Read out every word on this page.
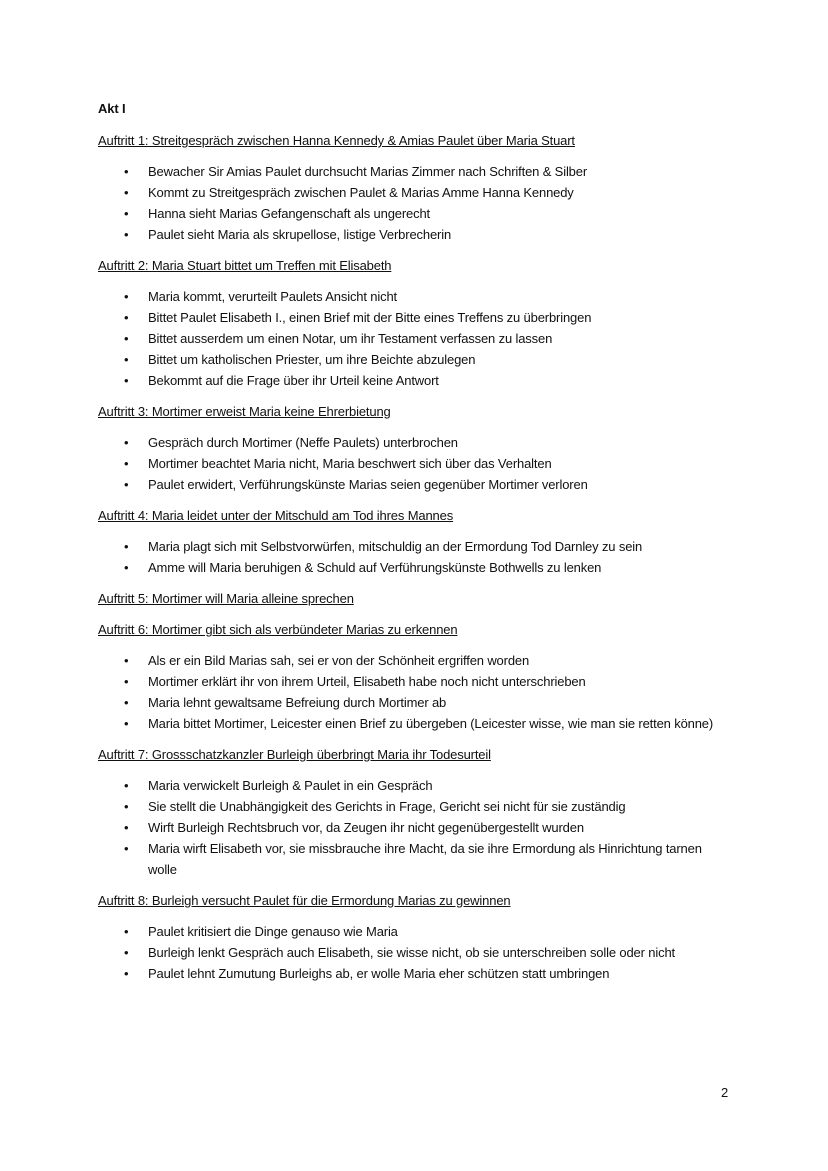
Akt I
Auftritt 1: Streitgespräch zwischen Hanna Kennedy & Amias Paulet über Maria Stuart
• Bewacher Sir Amias Paulet durchsucht Marias Zimmer nach Schriften & Silber
• Kommt zu Streitgespräch zwischen Paulet & Marias Amme Hanna Kennedy
• Hanna sieht Marias Gefangenschaft als ungerecht
• Paulet sieht Maria als skrupellose, listige Verbrecherin
Auftritt 2: Maria Stuart bittet um Treffen mit Elisabeth
• Maria kommt, verurteilt Paulets Ansicht nicht
• Bittet Paulet Elisabeth I., einen Brief mit der Bitte eines Treffens zu überbringen
• Bittet ausserdem um einen Notar, um ihr Testament verfassen zu lassen
• Bittet um katholischen Priester, um ihre Beichte abzulegen
• Bekommt auf die Frage über ihr Urteil keine Antwort
Auftritt 3: Mortimer erweist Maria keine Ehrerbietung
• Gespräch durch Mortimer (Neffe Paulets) unterbrochen
• Mortimer beachtet Maria nicht, Maria beschwert sich über das Verhalten
• Paulet erwidert, Verführungskünste Marias seien gegenüber Mortimer verloren
Auftritt 4: Maria leidet unter der Mitschuld am Tod ihres Mannes
• Maria plagt sich mit Selbstvorwürfen, mitschuldig an der Ermordung Tod Darnley zu sein
• Amme will Maria beruhigen & Schuld auf Verführungskünste Bothwells zu lenken
Auftritt 5: Mortimer will Maria alleine sprechen
Auftritt 6: Mortimer gibt sich als verbündeter Marias zu erkennen
• Als er ein Bild Marias sah, sei er von der Schönheit ergriffen worden
• Mortimer erklärt ihr von ihrem Urteil, Elisabeth habe noch nicht unterschrieben
• Maria lehnt gewaltsame Befreiung durch Mortimer ab
• Maria bittet Mortimer, Leicester einen Brief zu übergeben (Leicester wisse, wie man sie retten könne)
Auftritt 7: Grossschatzkanzler Burleigh überbringt Maria ihr Todesurteil
• Maria verwickelt Burleigh & Paulet in ein Gespräch
• Sie stellt die Unabhängigkeit des Gerichts in Frage, Gericht sei nicht für sie zuständig
• Wirft Burleigh Rechtsbruch vor, da Zeugen ihr nicht gegenübergestellt wurden
• Maria wirft Elisabeth vor, sie missbrauche ihre Macht, da sie ihre Ermordung als Hinrichtung tarnen wolle
Auftritt 8: Burleigh versucht Paulet für die Ermordung Marias zu gewinnen
• Paulet kritisiert die Dinge genauso wie Maria
• Burleigh lenkt Gespräch auch Elisabeth, sie wisse nicht, ob sie unterschreiben solle oder nicht
• Paulet lehnt Zumutung Burleighs ab, er wolle Maria eher schützen statt umbringen
2
